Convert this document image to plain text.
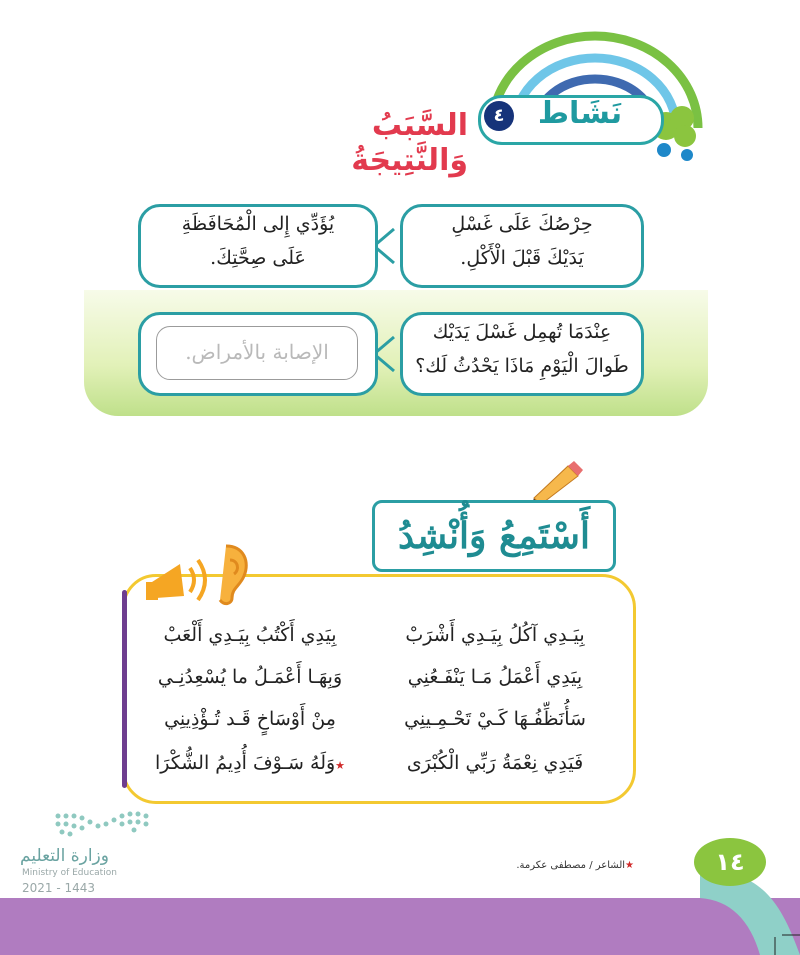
نَشَاط
٤
السَّبَبُ وَالنَّتِيجَةُ
حِرْصُكَ عَلَى غَسْلِ
يَدَيْكَ قَبْلَ الْأَكْلِ.
يُؤَدِّي إِلى الْمُحَافَظَةِ
عَلَى صِحَّتِكَ.
عِنْدَمَا تُهمِل غَسْلَ يَدَيْك
طَوالَ الْيَوْمِ مَاذَا يَحْدُثُ لَك؟
الإصابة بالأمراض.
أَسْتَمِعُ وَأُنْشِدُ
بِيَـدِي آكُلُ بِيَـدِي أَشْرَبْ
بِيَدِي أَكْتُبُ بِيَـدِي أَلْعَبْ
بِيَدِي أَعْمَلُ مَـا يَنْفَـعُنِي
وَبِهَـا أَعْمَـلُ ما يُسْعِدُنِـي
سَأُنَظِّفُـهَا كَـيْ تَحْـمِـينِي
مِنْ أَوْسَاخٍ قَـد تُـؤْذِينِي
فَيَدِي نِعْمَةُ رَبِّي الْكُبْرَى
★وَلَهُ سَـوْفَ أُدِيمُ الشُّكْرَا
وزارة التعليم
Ministry of Education
2021 - 1443
★الشاعر / مصطفى عكرمة.	١٤
